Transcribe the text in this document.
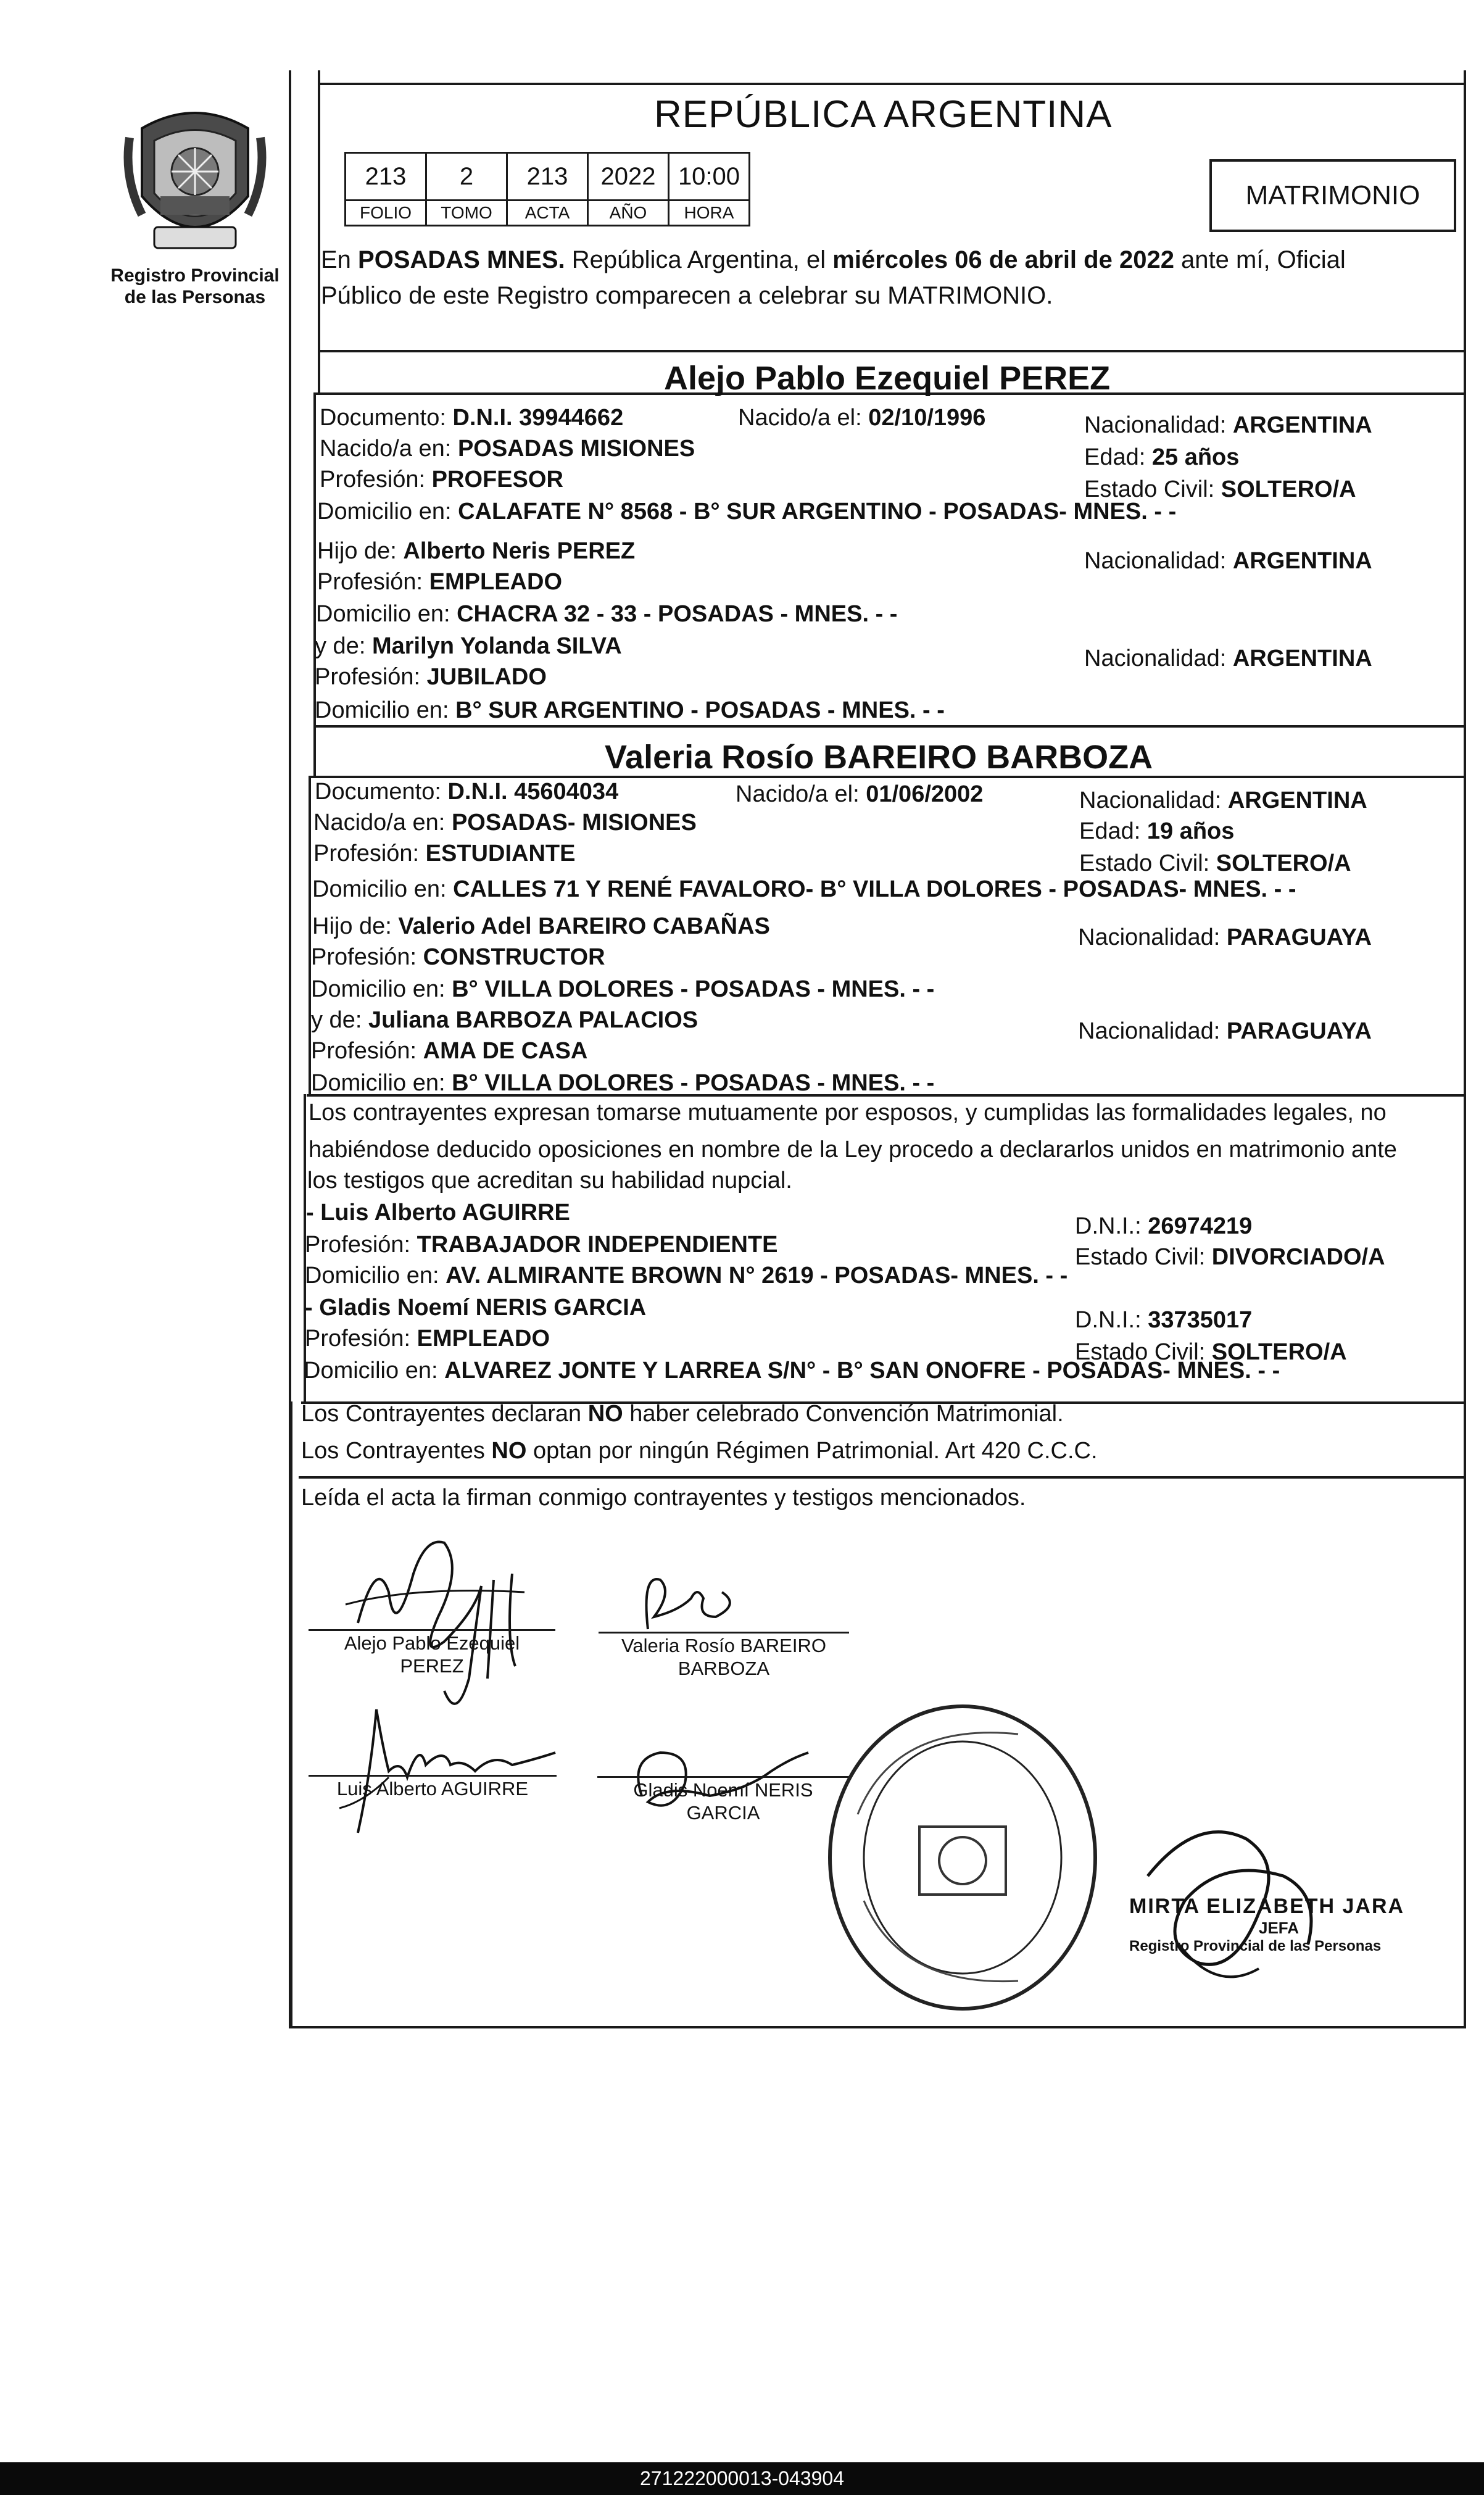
Registro Provincial
de las Personas
REPÚBLICA ARGENTINA
213	2	213	2022	10:00
FOLIO	TOMO	ACTA	AÑO	HORA
MATRIMONIO
En POSADAS MNES. República Argentina, el miércoles 06 de abril de 2022 ante mí, Oficial
Público de este Registro comparecen a celebrar su MATRIMONIO.
Alejo Pablo Ezequiel PEREZ
Documento: D.N.I. 39944662	Nacido/a el: 02/10/1996	Nacionalidad: ARGENTINA
Nacido/a en: POSADAS MISIONES	Edad: 25 años
Profesión: PROFESOR	Estado Civil: SOLTERO/A
Domicilio en: CALAFATE N° 8568 - B° SUR ARGENTINO - POSADAS- MNES. - -
Hijo de: Alberto Neris PEREZ	Nacionalidad: ARGENTINA
Profesión: EMPLEADO
Domicilio en: CHACRA 32 - 33 - POSADAS - MNES. - -
y de: Marilyn Yolanda SILVA	Nacionalidad: ARGENTINA
Profesión: JUBILADO
Domicilio en: B° SUR ARGENTINO - POSADAS - MNES. - -
Valeria Rosío BAREIRO BARBOZA
Documento: D.N.I. 45604034	Nacido/a el: 01/06/2002	Nacionalidad: ARGENTINA
Nacido/a en: POSADAS- MISIONES	Edad: 19 años
Profesión: ESTUDIANTE	Estado Civil: SOLTERO/A
Domicilio en: CALLES 71 Y RENÉ FAVALORO- B° VILLA DOLORES - POSADAS- MNES. - -
Hijo de: Valerio Adel BAREIRO CABAÑAS	Nacionalidad: PARAGUAYA
Profesión: CONSTRUCTOR
Domicilio en: B° VILLA DOLORES - POSADAS - MNES. - -
y de: Juliana BARBOZA PALACIOS	Nacionalidad: PARAGUAYA
Profesión: AMA DE CASA
Domicilio en: B° VILLA DOLORES - POSADAS - MNES. - -
Los contrayentes expresan tomarse mutuamente por esposos, y cumplidas las formalidades legales, no
habiéndose deducido oposiciones en nombre de la Ley procedo a declararlos unidos en matrimonio ante
los testigos que acreditan su habilidad nupcial.
- Luis Alberto AGUIRRE
D.N.I.: 26974219
Profesión: TRABAJADOR INDEPENDIENTE	Estado Civil: DIVORCIADO/A
Domicilio en: AV. ALMIRANTE BROWN N° 2619 - POSADAS- MNES. - -
- Gladis Noemí NERIS GARCIA	D.N.I.: 33735017
Profesión: EMPLEADO
Estado Civil: SOLTERO/A
Domicilio en: ALVAREZ JONTE Y LARREA S/N° - B° SAN ONOFRE - POSADAS- MNES. - -
Los Contrayentes declaran NO haber celebrado Convención Matrimonial.
Los Contrayentes NO optan por ningún Régimen Patrimonial. Art 420 C.C.C.
Leída el acta la firman conmigo contrayentes y testigos mencionados.
Alejo Pablo Ezequiel
PEREZ
Valeria Rosío BAREIRO
BARBOZA
Luis Alberto AGUIRRE	Gladis Noemí NERIS
GARCIA
MIRTA ELIZABETH JARA
JEFA
Registro Provincial de las Personas
271222000013-043904
